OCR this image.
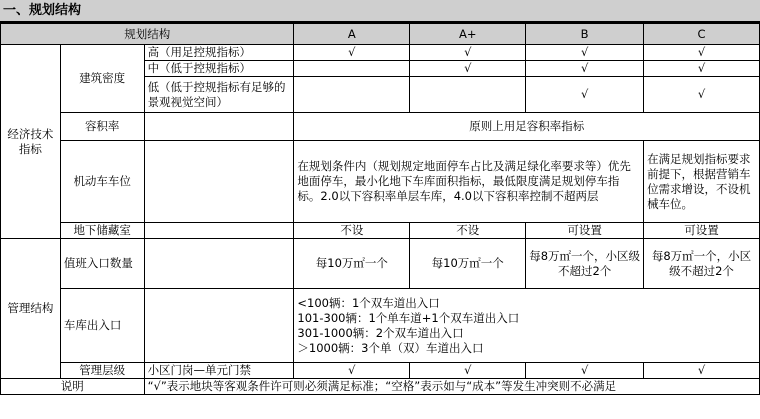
一、规划结构
规划结构			A	A+	B	C
经济技术指标	建筑密度	高（用足控规指标）	√	√	√	√
		中（低于控规指标）		√	√	√
		低（低于控规指标有足够的景观视觉空间）			√	√
	容积率		原则上用足容积率指标			
	机动车车位		在规划条件内（规划规定地面停车占比及满足绿化率要求等）优先地面停车，最小化地下车库面积指标，最低限度满足规划停车指标。2.0以下容积率单层车库，4.0以下容积率控制不超两层			在满足规划指标要求前提下，根据营销车位需求增设，不设机械车位。
	地下储藏室		不设	不设	可设置	可设置

管理结构	值班入口数量		每10万㎡一个	每10万㎡一个	每8万㎡一个，小区级不超过2个	每8万㎡一个，小区级不超过2个
	车库出入口		<100辆：1个双车道出入口
101-300辆：1个单车道+1个双车道出入口
301-1000辆：2个双车道出入口
＞1000辆：3个单（双）车道出入口			

	管理层级	小区门岗—单元门禁	√	√	√	√
说明		“√”表示地块等客观条件许可则必须满足标准；“空格”表示如与“成本”等发生冲突则不必满足				
